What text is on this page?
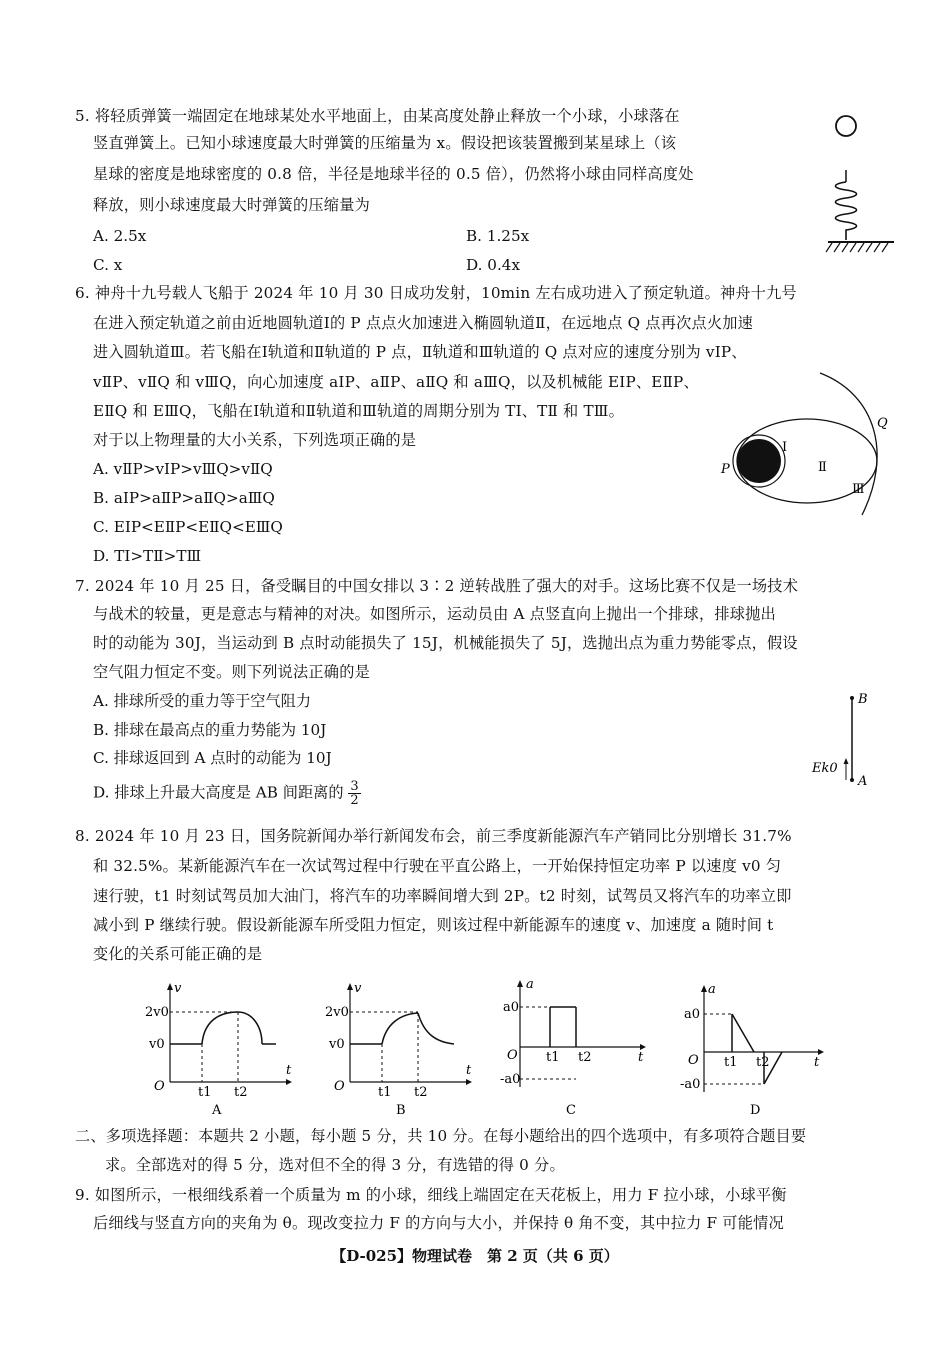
5. 将轻质弹簧一端固定在地球某处水平地面上，由某高度处静止释放一个小球，小球落在
竖直弹簧上。已知小球速度最大时弹簧的压缩量为 x。假设把该装置搬到某星球上（该
星球的密度是地球密度的 0.8 倍，半径是地球半径的 0.5 倍），仍然将小球由同样高度处
释放，则小球速度最大时弹簧的压缩量为
A. 2.5x	B. 1.25x
C. x	D. 0.4x
6. 神舟十九号载人飞船于 2024 年 10 月 30 日成功发射，10min 左右成功进入了预定轨道。神舟十九号
在进入预定轨道之前由近地圆轨道Ⅰ的 P 点点火加速进入椭圆轨道Ⅱ，在远地点 Q 点再次点火加速
进入圆轨道Ⅲ。若飞船在Ⅰ轨道和Ⅱ轨道的 P 点，Ⅱ轨道和Ⅲ轨道的 Q 点对应的速度分别为 vⅠP、
vⅡP、vⅡQ 和 vⅢQ，向心加速度 aⅠP、aⅡP、aⅡQ 和 aⅢQ，以及机械能 EⅠP、EⅡP、
EⅡQ 和 EⅢQ，飞船在Ⅰ轨道和Ⅱ轨道和Ⅲ轨道的周期分别为 TⅠ、TⅡ 和 TⅢ。
对于以上物理量的大小关系，下列选项正确的是
A. vⅡP>vⅠP>vⅢQ>vⅡQ
B. aⅠP>aⅡP>aⅡQ>aⅢQ
C. EⅠP<EⅡP<EⅡQ<EⅢQ
D. TⅠ>TⅡ>TⅢ
P
Q
Ⅰ
Ⅱ
Ⅲ
7. 2024 年 10 月 25 日，备受瞩目的中国女排以 3∶2 逆转战胜了强大的对手。这场比赛不仅是一场技术
与战术的较量，更是意志与精神的对决。如图所示，运动员由 A 点竖直向上抛出一个排球，排球抛出
时的动能为 30J，当运动到 B 点时动能损失了 15J，机械能损失了 5J，选抛出点为重力势能零点，假设
空气阻力恒定不变。则下列说法正确的是
A. 排球所受的重力等于空气阻力
B. 排球在最高点的重力势能为 10J
C. 排球返回到 A 点时的动能为 10J
D. 排球上升最大高度是 AB 间距离的 $\frac{3}{2}$
B
A
Ek0
8. 2024 年 10 月 23 日，国务院新闻办举行新闻发布会，前三季度新能源汽车产销同比分别增长 31.7%
和 32.5%。某新能源汽车在一次试驾过程中行驶在平直公路上，一开始保持恒定功率 P 以速度 v0 匀
速行驶，t1 时刻试驾员加大油门，将汽车的功率瞬间增大到 2P。t2 时刻，试驾员又将汽车的功率立即
减小到 P 继续行驶。假设新能源车所受阻力恒定，则该过程中新能源车的速度 v、加速度 a 随时间 t
变化的关系可能正确的是
v
2v0
v0
O	t1 t2
t
A
v
2v0
v0
O	t1 t2
t
B
a
a0
O
-a0
t1 t2	t
C
a
a0
O
-a0
t1 t2	t
D
二、多项选择题：本题共 2 小题，每小题 5 分，共 10 分。在每小题给出的四个选项中，有多项符合题目要
求。全部选对的得 5 分，选对但不全的得 3 分，有选错的得 0 分。
9. 如图所示，一根细线系着一个质量为 m 的小球，细线上端固定在天花板上，用力 F 拉小球，小球平衡
后细线与竖直方向的夹角为 θ。现改变拉力 F 的方向与大小，并保持 θ 角不变，其中拉力 F 可能情况
【D-025】物理试卷　第 2 页（共 6 页）
